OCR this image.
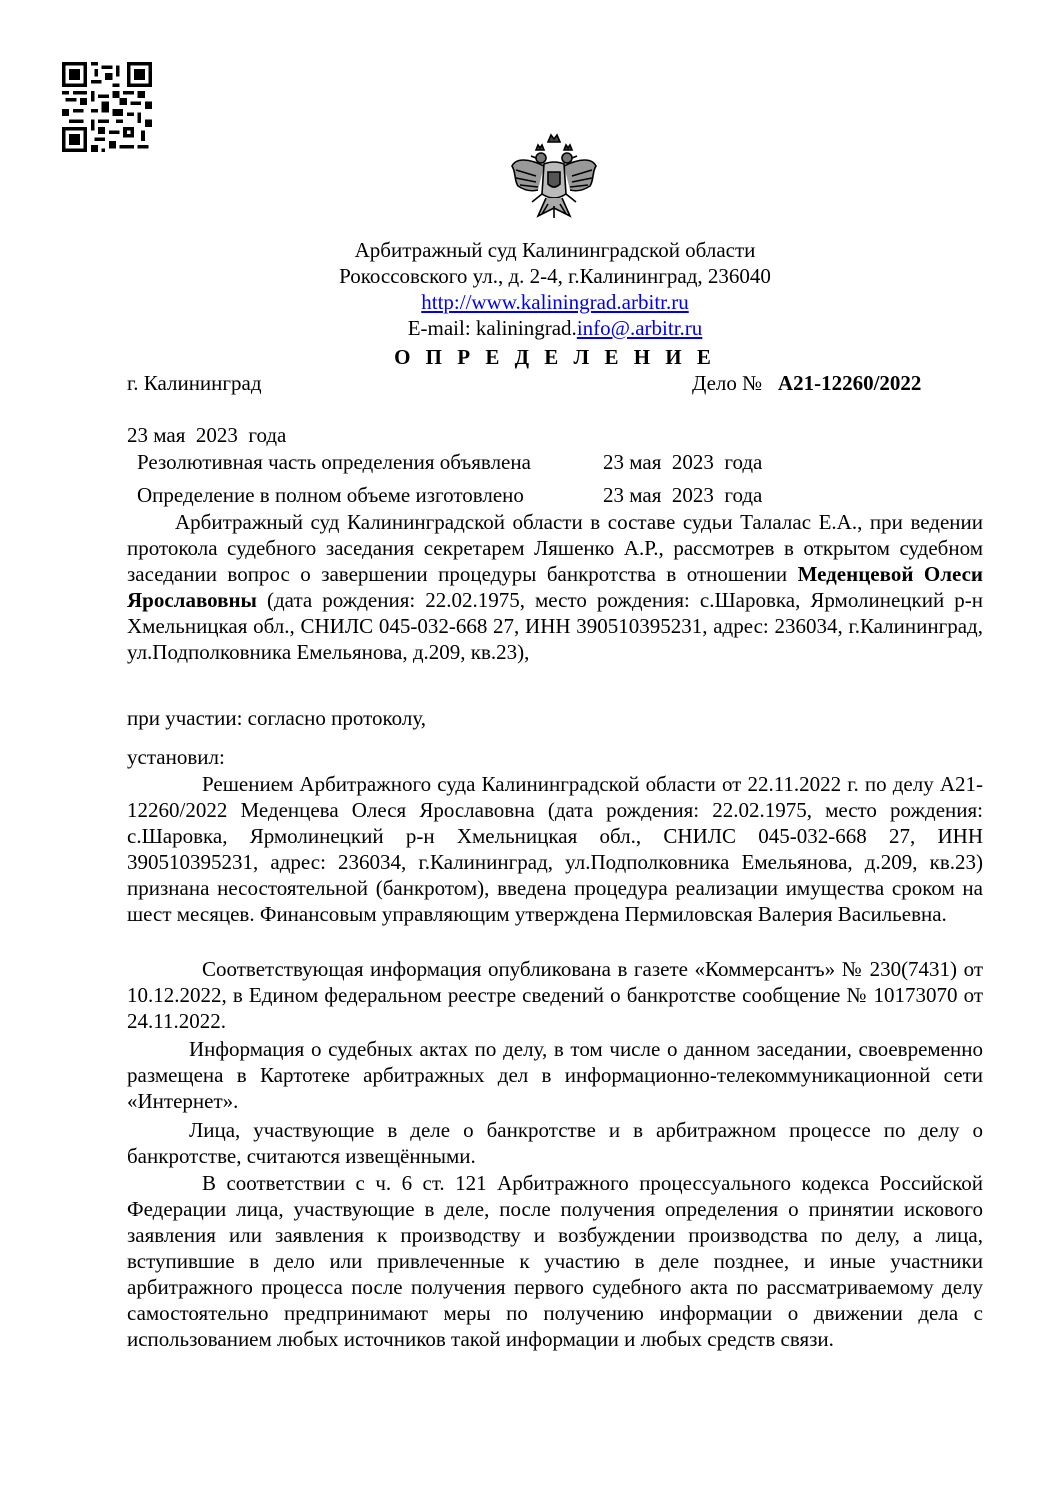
Арбитражный суд Калининградской области
Рокоссовского ул., д. 2-4, г.Калининград, 236040
http://www.kaliningrad.arbitr.ru
E-mail: kaliningrad.info@.arbitr.ru
О П Р Е Д Е Л Е Н И Е
г. Калининград	Дело № А21-12260/2022
23 мая  2023  года
Резолютивная часть определения объявлена	23 мая  2023  года
Определение в полном объеме изготовлено	23 мая  2023  года
Арбитражный суд Калининградской области в составе судьи Талалас Е.А., при ведении протокола судебного заседания секретарем Ляшенко А.Р., рассмотрев в открытом судебном заседании вопрос о завершении процедуры банкротства в отношении Меденцевой Олеси Ярославовны (дата рождения: 22.02.1975, место рождения: с.Шаровка, Ярмолинецкий р-н Хмельницкая обл., СНИЛС 045-032-668 27, ИНН 390510395231, адрес: 236034, г.Калининград, ул.Подполковника Емельянова, д.209, кв.23),
при участии: согласно протоколу,
установил:
Решением Арбитражного суда Калининградской области от 22.11.2022 г. по делу А21-12260/2022 Меденцева Олеся Ярославовна (дата рождения: 22.02.1975, место рождения: с.Шаровка, Ярмолинецкий р-н Хмельницкая обл., СНИЛС 045-032-668 27, ИНН 390510395231, адрес: 236034, г.Калининград, ул.Подполковника Емельянова, д.209, кв.23) признана несостоятельной (банкротом), введена процедура реализации имущества сроком на шест месяцев. Финансовым управляющим утверждена Пермиловская Валерия Васильевна.
Соответствующая информация опубликована в газете «Коммерсантъ» № 230(7431) от 10.12.2022, в Едином федеральном реестре сведений о банкротстве сообщение № 10173070 от 24.11.2022.
Информация о судебных актах по делу, в том числе о данном заседании, своевременно размещена в Картотеке арбитражных дел в информационно-телекоммуникационной сети «Интернет».
Лица, участвующие в деле о банкротстве и в арбитражном процессе по делу о банкротстве, считаются извещёнными.
В соответствии с ч. 6 ст. 121 Арбитражного процессуального кодекса Российской Федерации лица, участвующие в деле, после получения определения о принятии искового заявления или заявления к производству и возбуждении производства по делу, а лица, вступившие в дело или привлеченные к участию в деле позднее, и иные участники арбитражного процесса после получения первого судебного акта по рассматриваемому делу самостоятельно предпринимают меры по получению информации о движении дела с использованием любых источников такой информации и любых средств связи.
